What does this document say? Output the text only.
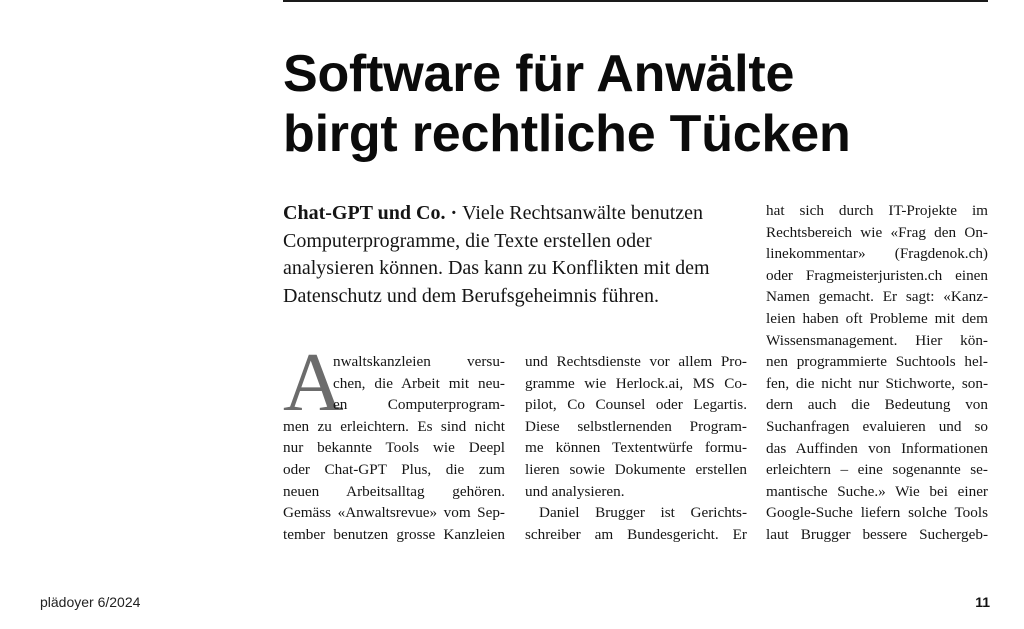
Software für Anwälte
birgt rechtliche Tücken
Chat-GPT und Co. · Viele Rechtsanwälte benutzen
Computerprogramme, die Texte erstellen oder
analysieren können. Das kann zu Konflikten mit dem
Datenschutz und dem Berufsgeheimnis führen.
A
nwaltskanzleien versu-
chen, die Arbeit mit neu-
en Computerprogram-
men zu erleichtern. Es sind nicht
nur bekannte Tools wie Deepl
oder Chat-GPT Plus, die zum
neuen Arbeitsalltag gehören.
Gemäss «Anwaltsrevue» vom Sep-
tember benutzen grosse Kanzleien
und Rechtsdienste vor allem Pro-
gramme wie Herlock.ai, MS Co-
pilot, Co Counsel oder Legartis.
Diese selbstlernenden Program-
me können Textentwürfe formu-
lieren sowie Dokumente erstellen
und analysieren.
Daniel Brugger ist Gerichts-
schreiber am Bundesgericht. Er
hat sich durch IT-Projekte im
Rechtsbereich wie «Frag den On-
linekommentar» (Fragdenok.ch)
oder Fragmeisterjuristen.ch einen
Namen gemacht. Er sagt: «Kanz-
leien haben oft Probleme mit dem
Wissensmanagement. Hier kön-
nen programmierte Suchtools hel-
fen, die nicht nur Stichworte, son-
dern auch die Bedeutung von
Suchanfragen evaluieren und so
das Auffinden von Informationen
erleichtern – eine sogenannte se-
mantische Suche.» Wie bei einer
Google-Suche liefern solche Tools
laut Brugger bessere Suchergeb-
plädoyer 6/2024	11
